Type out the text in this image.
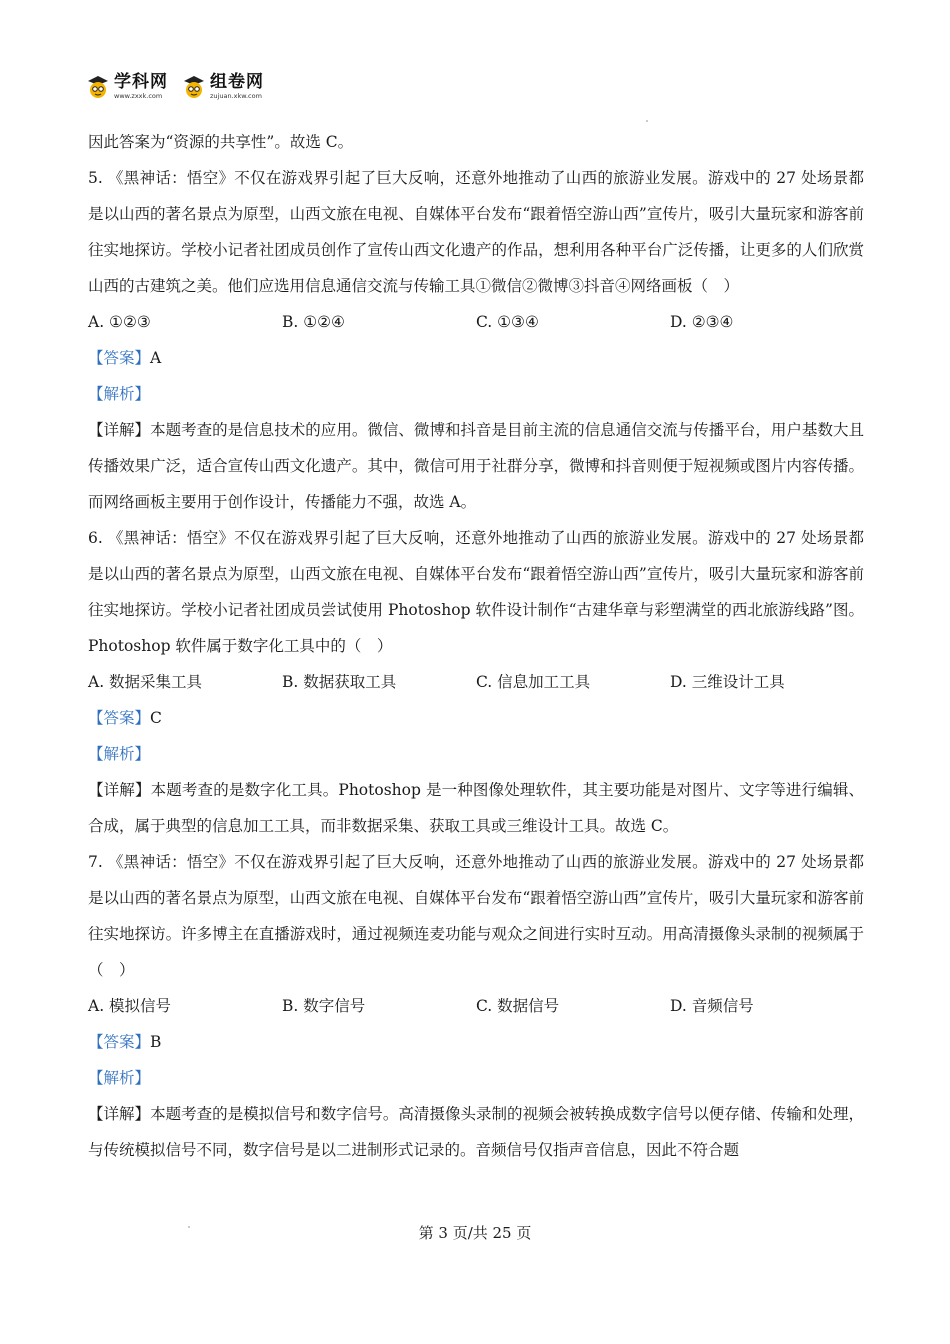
学科网
www.zxxk.com
组卷网
zujuan.xkw.com
因此答案为“资源的共享性”。故选 C。
5. 《黑神话：悟空》不仅在游戏界引起了巨大反响，还意外地推动了山西的旅游业发展。游戏中的 27 处场景都是以山西的著名景点为原型，山西文旅在电视、自媒体平台发布“跟着悟空游山西”宣传片，吸引大量玩家和游客前往实地探访。学校小记者社团成员创作了宣传山西文化遗产的作品，想利用各种平台广泛传播，让更多的人们欣赏山西的古建筑之美。他们应选用信息通信交流与传输工具①微信②微博③抖音④网络画板（　）
A. ①②③	B. ①②④	C. ①③④	D. ②③④
【答案】A
【解析】
【详解】本题考查的是信息技术的应用。微信、微博和抖音是目前主流的信息通信交流与传播平台，用户基数大且传播效果广泛，适合宣传山西文化遗产。其中，微信可用于社群分享，微博和抖音则便于短视频或图片内容传播。而网络画板主要用于创作设计，传播能力不强，故选 A。
6. 《黑神话：悟空》不仅在游戏界引起了巨大反响，还意外地推动了山西的旅游业发展。游戏中的 27 处场景都是以山西的著名景点为原型，山西文旅在电视、自媒体平台发布“跟着悟空游山西”宣传片，吸引大量玩家和游客前往实地探访。学校小记者社团成员尝试使用 Photoshop 软件设计制作“古建华章与彩塑满堂的西北旅游线路”图。Photoshop 软件属于数字化工具中的（　）
A. 数据采集工具	B. 数据获取工具	C. 信息加工工具	D. 三维设计工具
【答案】C
【解析】
【详解】本题考查的是数字化工具。Photoshop 是一种图像处理软件，其主要功能是对图片、文字等进行编辑、合成，属于典型的信息加工工具，而非数据采集、获取工具或三维设计工具。故选 C。
7. 《黑神话：悟空》不仅在游戏界引起了巨大反响，还意外地推动了山西的旅游业发展。游戏中的 27 处场景都是以山西的著名景点为原型，山西文旅在电视、自媒体平台发布“跟着悟空游山西”宣传片，吸引大量玩家和游客前往实地探访。许多博主在直播游戏时，通过视频连麦功能与观众之间进行实时互动。用高清摄像头录制的视频属于（　）
A. 模拟信号	B. 数字信号	C. 数据信号	D. 音频信号
【答案】B
【解析】
【详解】本题考查的是模拟信号和数字信号。高清摄像头录制的视频会被转换成数字信号以便存储、传输和处理，与传统模拟信号不同，数字信号是以二进制形式记录的。音频信号仅指声音信息，因此不符合题
第 3 页/共 25 页
